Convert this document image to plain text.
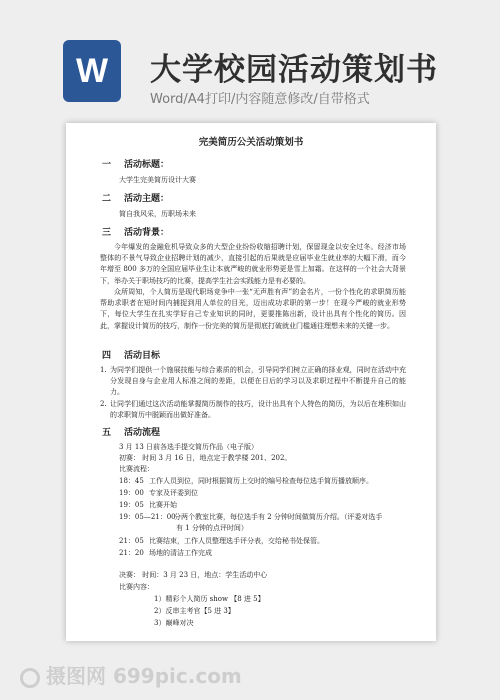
W	大学校园活动策划书
Word/A4打印/内容随意修改/自带格式
完美简历公关活动策划书
一 活动标题：
大学生完美简历设计大赛
二 活动主题：
简自我风采，历职场未来
三 活动背景：
今年爆发的金融危机导致众多的大型企业纷纷收缩招聘计划，保留现金以安全过冬。经济市场整体的不景气导致企业招聘计划的减少，直接引起的后果就是应届毕业生就业率的大幅下滑，而今年增至 800 多万的全国应届毕业生让本就严峻的就业形势更是雪上加霜。在这样的一个社会大背景下，举办关于职场技巧的比赛，提高学生社会实践能力是有必要的。
众所周知，个人简历是现代职场竞争中一张“无声胜有声”的金名片，一份个性化的求职简历能帮助求职者在短时间内捕捉到用人单位的目光，迈出成功求职的第一步！在现今严峻的就业形势下，每位大学生在扎实学好自己专业知识的同时，更要推陈出新，设计出具有个性化的简历。因此，掌握设计简历的技巧，制作一份完美的简历是彻底打破就业门槛通往理想未来的关键一步。
四 活动目标
1. 为同学们提供一个施展技能与综合素质的机会，引导同学们树立正确的择业观，同时在活动中充分发现自身与企业用人标准之间的差距，以便在日后的学习以及求职过程中不断提升自己的能力。
2. 让同学们通过这次活动能掌握简历制作的技巧，设计出具有个人特色的简历，为以后在堆积如山的求职简历中脱颖而出做好准备。
五 活动流程
3 月 13 日前各选手提交简历作品（电子版）
初赛： 时间 3 月 16 日，地点定于教学楼 201、202。
比赛流程：
18：45 工作人员到位，同时根据简历上交时的编号检查每位选手简历播放顺序。
19：00 专家及评委到位
19：05 比赛开始
19：05—21：00
分两个教室比赛，每位选手有 2 分钟时间做简历介绍。（评委对选手
有 1 分钟的点评时间）
21：05 比赛结束，工作人员整理选手评分表，交给秘书处保管。
21：20 场地的清洁工作完成
决赛： 时间：3 月 23 日，地点：学生活动中心
比赛内容：
1）精彩个人简历 show 【8 进 5】
2）反串主考官【5 进 3】
3）巅峰对决
摄图网 699pic.com
